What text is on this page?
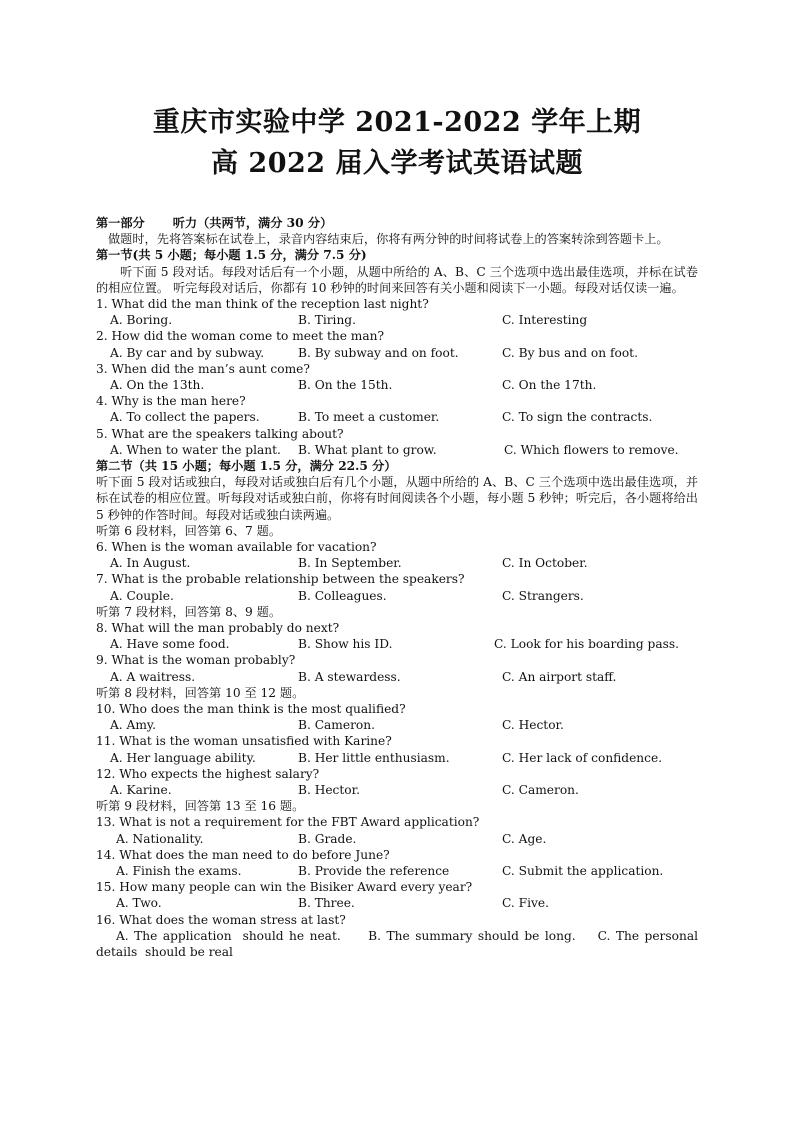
重庆市实验中学 2021-2022 学年上期
高 2022 届入学考试英语试题

第一部分 听力（共两节，满分 30 分）

做题时，先将答案标在试卷上，录音内容结束后，你将有两分钟的时间将试卷上的答案转涂到答题卡上。

第一节(共 5 小题；每小题 1.5 分，满分 7.5 分)

听下面 5 段对话。每段对话后有一个小题，从题中所给的 A、B、C 三个选项中选出最佳选项，并标在试卷的相应位置。 听完每段对话后，你都有 10 秒钟的时间来回答有关小题和阅读下一小题。每段对话仅读一遍。

1. What did the man think of the reception last night?

A. Boring.	B. Tiring.	C. Interesting

2. How did the woman come to meet the man?

A. By car and by subway.	B. By subway and on foot.	C. By bus and on foot.

3. When did the man’s aunt come?

A. On the 13th.	B. On the 15th.	C. On the 17th.

4. Why is the man here?

A. To collect the papers.	B. To meet a customer.	C. To sign the contracts.

5. What are the speakers talking about?

A. When to water the plant. B. What plant to grow.	C. Which flowers to remove.

第二节（共 15 小题；每小题 1.5 分，满分 22.5 分）

听下面 5 段对话或独白，每段对话或独白后有几个小题，从题中所给的 A、B、C 三个选项中选出最佳选项，并标在试卷的相应位置。听每段对话或独白前，你将有时间阅读各个小题，每小题 5 秒钟；听完后，各小题将给出 5 秒钟的作答时间。每段对话或独白读两遍。

听第 6 段材料，回答第 6、7 题。

6. When is the woman available for vacation?

A. In August.	B. In September.	C. In October.

7. What is the probable relationship between the speakers?

A. Couple.	B. Colleagues.	C. Strangers.

听第 7 段材料，回答第 8、9 题。

8. What will the man probably do next?

A. Have some food.	B. Show his ID.	C. Look for his boarding pass.

9. What is the woman probably?

A. A waitress.	B. A stewardess.	C. An airport staff.

听第 8 段材料，回答第 10 至 12 题。

10. Who does the man think is the most qualified?

A. Amy.	B. Cameron.	C. Hector.

11. What is the woman unsatisfied with Karine?

A. Her language ability.	B. Her little enthusiasm.	C. Her lack of confidence.

12. Who expects the highest salary?

A. Karine.	B. Hector.	C. Cameron.

听第 9 段材料，回答第 13 至 16 题。

13. What is not a requirement for the FBT Award application?

A. Nationality.	B. Grade.	C. Age.

14. What does the man need to do before June?

A. Finish the exams.	B. Provide the reference	C. Submit the application.

15. How many people can win the Bisiker Award every year?

A. Two.	B. Three.	C. Five.

16. What does the woman stress at last?

A. The application  should he neat.     B. The summary should be long.    C. The personal details  should be real
